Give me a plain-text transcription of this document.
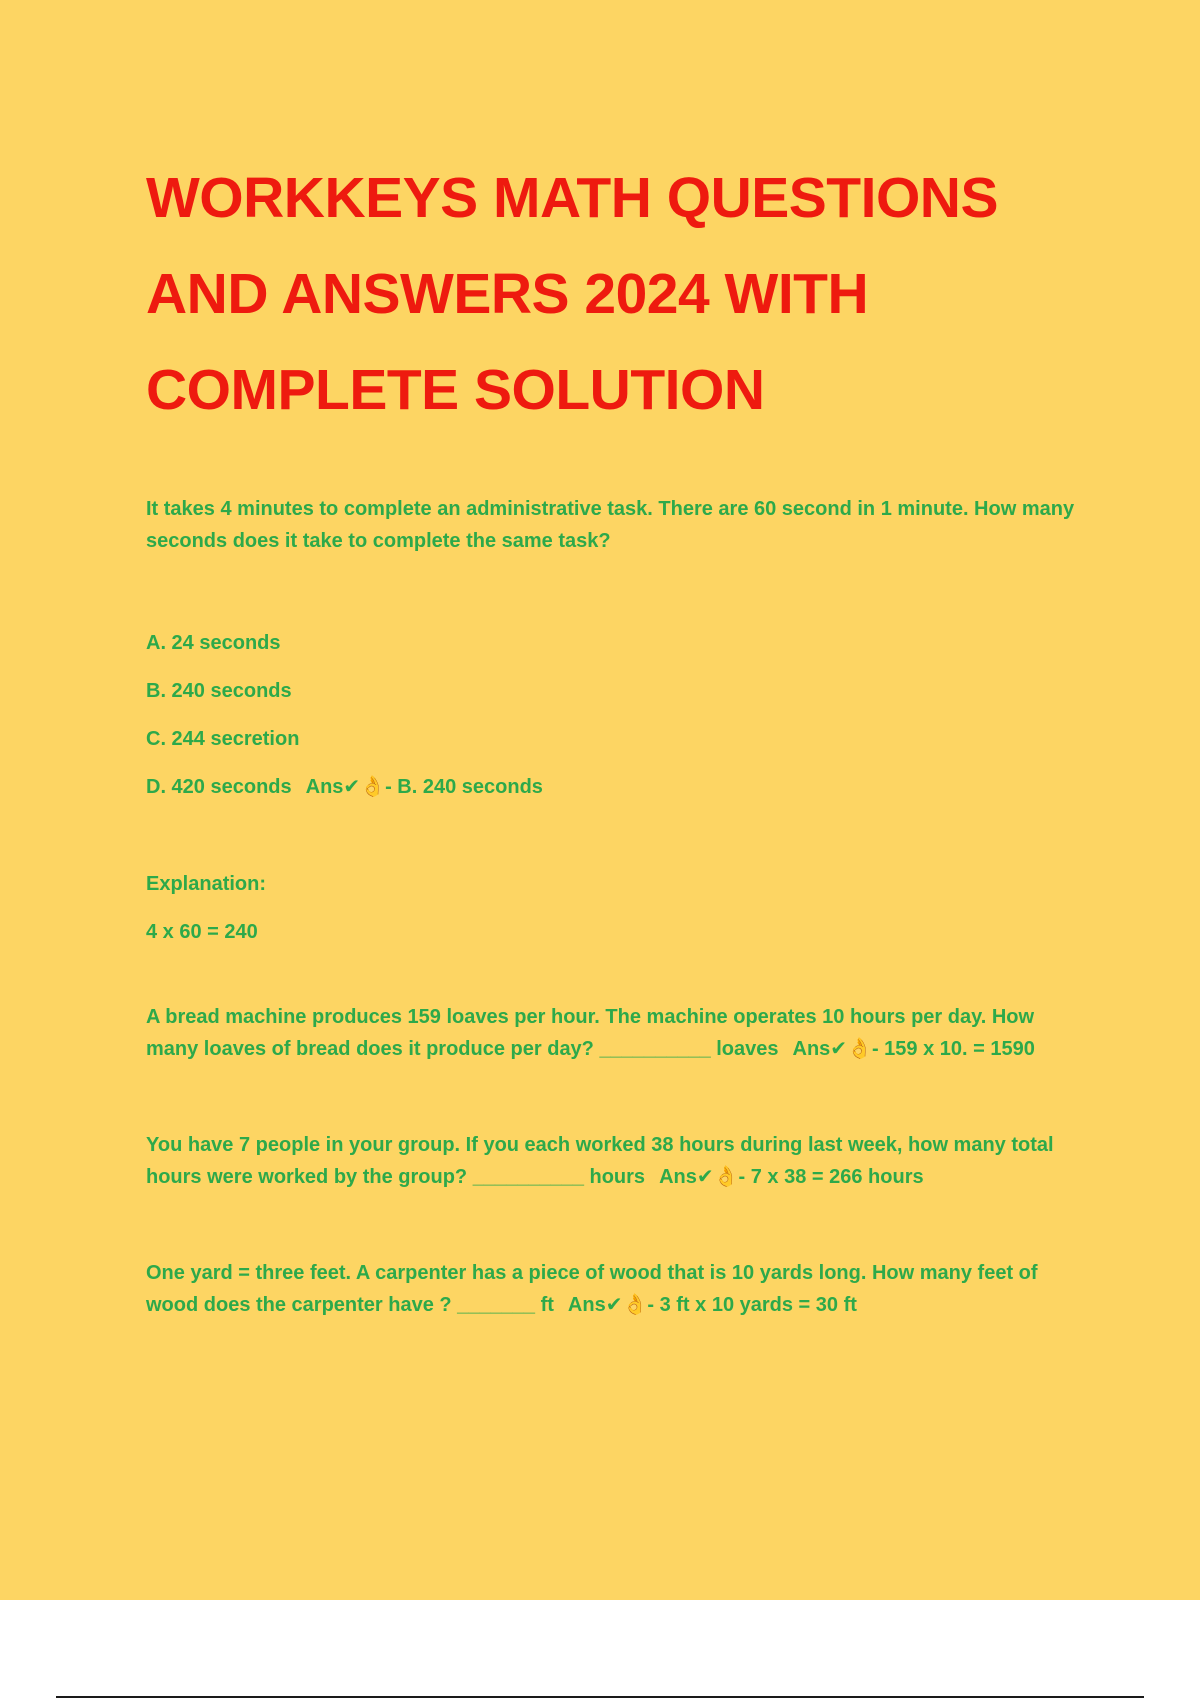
WORKKEYS MATH QUESTIONS
AND ANSWERS 2024 WITH
COMPLETE SOLUTION

It takes 4 minutes to complete an administrative task. There are 60 second in 1 minute. How many seconds does it take to complete the same task?

A. 24 seconds

B. 240 seconds

C. 244 secretion

D. 420 seconds Ans✔👌- B. 240 seconds

Explanation:

4 x 60 = 240

A bread machine produces 159 loaves per hour. The machine operates 10 hours per day. How many loaves of bread does it produce per day? __________ loaves Ans✔👌- 159 x 10. = 1590

You have 7 people in your group. If you each worked 38 hours during last week, how many total hours were worked by the group? __________ hours Ans✔👌- 7 x 38 = 266 hours

One yard = three feet. A carpenter has a piece of wood that is 10 yards long. How many feet of wood does the carpenter have ? _______ ft Ans✔👌- 3 ft x 10 yards = 30 ft
